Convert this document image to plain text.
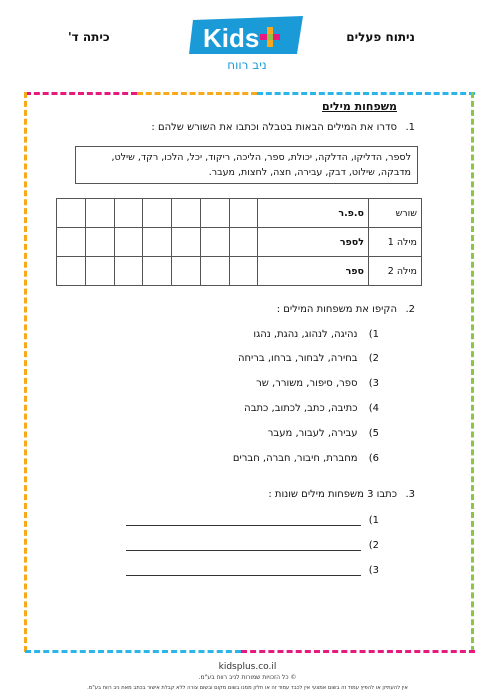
כיתה ד'	ניתוח פעלים
Kids
ניב רווח
משפחות מילים
1.
סדרו את המילים הבאות בטבלה וכתבו את השורש שלהם :
לספר, הדליקו, הדלקה, יכולת, ספר, הליכה, ריקוד, יכל, הלכו, רקד, שילט,
מדבקה, שילוט, דבק, עבירה, חצה, לחצות, מעבר.
שורש	ס.פ.ר							
מילה 1	לספר							
מילה 2	ספר							
2.
הקיפו את משפחות המילים :
1) נהיגה, לנהוג, נהגת, נהגו
2) בחירה, לבחור, ברחו, בריחה
3) ספר, סיפור, משורר, שר
4) כתיבה, כתב, לכתוב, כתבה
5) עבירה, לעבור, מעבר
6) מחברת, חיבור, חברה, חברים
3.
כתבו 3 משפחות מילים שונות :
1)
2)
3)
kidsplus.co.il
© כל הזכויות שמורות לניב רווח בע"מ.
אין להעתיק או להפיץ עמוד זה בשום אמצעי אין לכבד עמוד זה או חלק ממנו בשום מקום ובשום צורה ללא קבלת אישור בכתב מאת ניב רווח בע"מ.
